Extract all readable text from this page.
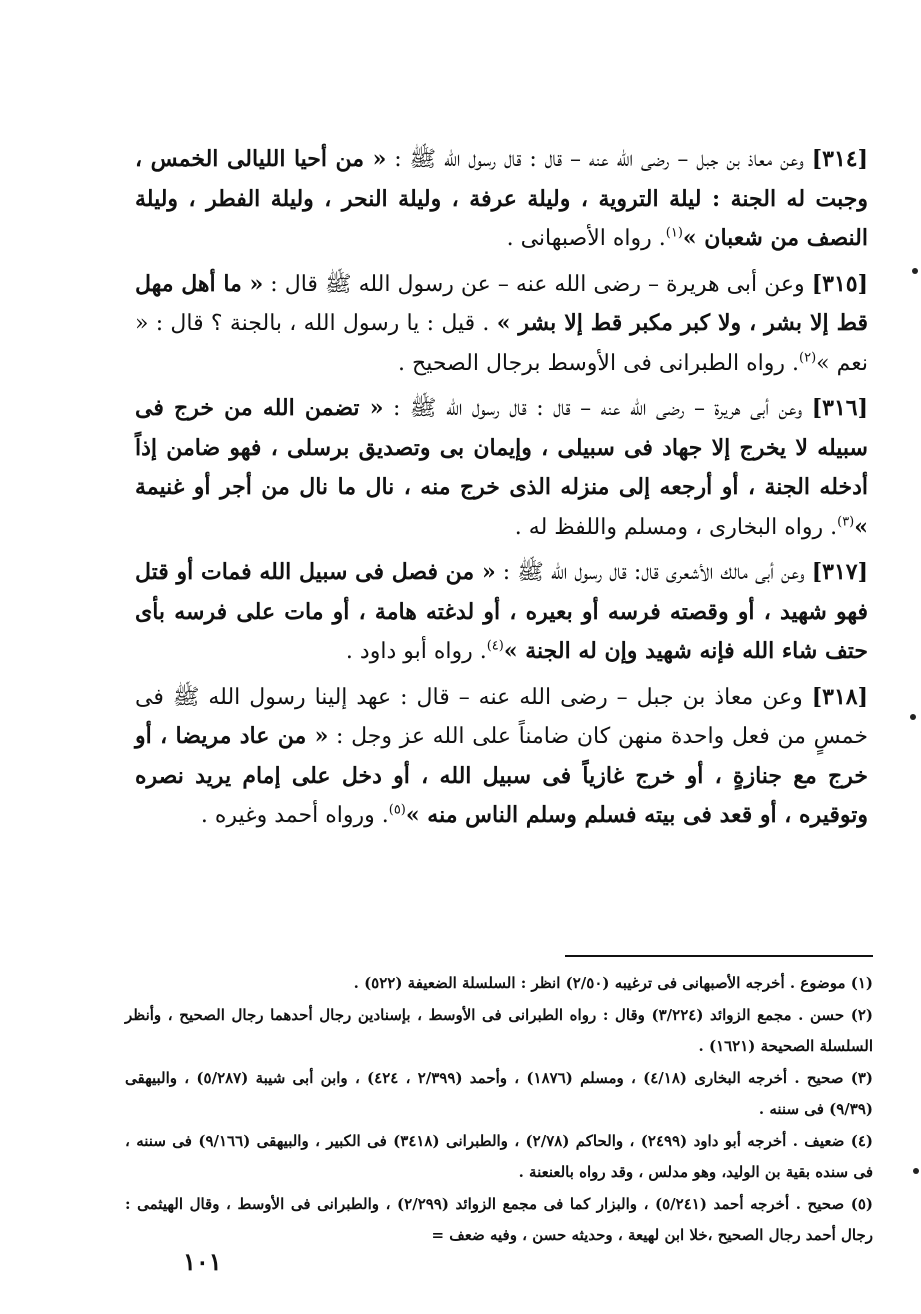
[٣١٤] وعن معاذ بن جبل – رضى الله عنه – قال : قال رسول الله ﷺ : « من أحيا الليالى الخمس ، وجبت له الجنة : ليلة التروية ، وليلة عرفة ، وليلة النحر ، وليلة الفطر ، وليلة النصف من شعبان »$^{(١)}$. رواه الأصبهانى .

[٣١٥] وعن أبى هريرة – رضى الله عنه – عن رسول الله ﷺ قال : « ما أهل مهل قط إلا بشر ، ولا كبر مكبر قط إلا بشر » . قيل : يا رسول الله ، بالجنة ؟ قال : « نعم »$^{(٢)}$. رواه الطبرانى فى الأوسط برجال الصحيح .

[٣١٦] وعن أبى هريرة – رضى الله عنه – قال : قال رسول الله ﷺ : « تضمن الله من خرج فى سبيله لا يخرج إلا جهاد فى سبيلى ، وإيمان بى وتصديق برسلى ، فهو ضامن إذاً أدخله الجنة ، أو أرجعه إلى منزله الذى خرج منه ، نال ما نال من أجر أو غنيمة »$^{(٣)}$. رواه البخارى ، ومسلم واللفظ له .

[٣١٧] وعن أبى مالك الأشعرى قال: قال رسول الله ﷺ : « من فصل فى سبيل الله فمات أو قتل فهو شهيد ، أو وقصته فرسه أو بعيره ، أو لدغته هامة ، أو مات على فرسه بأى حتف شاء الله فإنه شهيد وإن له الجنة »$^{(٤)}$. رواه أبو داود .

[٣١٨] وعن معاذ بن جبل – رضى الله عنه – قال : عهد إلينا رسول الله ﷺ فى خمسٍ من فعل واحدة منهن كان ضامناً على الله عز وجل : « من عاد مريضا ، أو خرج مع جنازةٍ ، أو خرج غازياً فى سبيل الله ، أو دخل على إمام يريد نصره وتوقيره ، أو قعد فى بيته فسلم وسلم الناس منه »$^{(٥)}$. ورواه أحمد وغيره .

(١) موضوع . أخرجه الأصبهانى فى ترغيبه (٢/٥٠) انظر : السلسلة الضعيفة (٥٢٢) .

(٢) حسن . مجمع الزوائد (٣/٢٢٤) وقال : رواه الطبرانى فى الأوسط ، بإسنادين رجال أحدهما رجال الصحيح ، وأنظر السلسلة الصحيحة (١٦٢١) .

(٣) صحيح . أخرجه البخارى (٤/١٨) ، ومسلم (١٨٧٦) ، وأحمد (٢/٣٩٩ ، ٤٢٤) ، وابن أبى شيبة (٥/٢٨٧) ، والبيهقى (٩/٣٩) فى سننه .

(٤) ضعيف . أخرجه أبو داود (٢٤٩٩) ، والحاكم (٢/٧٨) ، والطبرانى (٣٤١٨) فى الكبير ، والبيهقى (٩/١٦٦) فى سننه ، فى سنده بقية بن الوليد، وهو مدلس ، وقد رواه بالعنعنة .

(٥) صحيح . أخرجه أحمد (٥/٢٤١) ، والبزار كما فى مجمع الزوائد (٢/٢٩٩) ، والطبرانى فى الأوسط ، وقال الهيثمى : رجال أحمد رجال الصحيح ،خلا ابن لهيعة ، وحديثه حسن ، وفيه ضعف =

١٠١
